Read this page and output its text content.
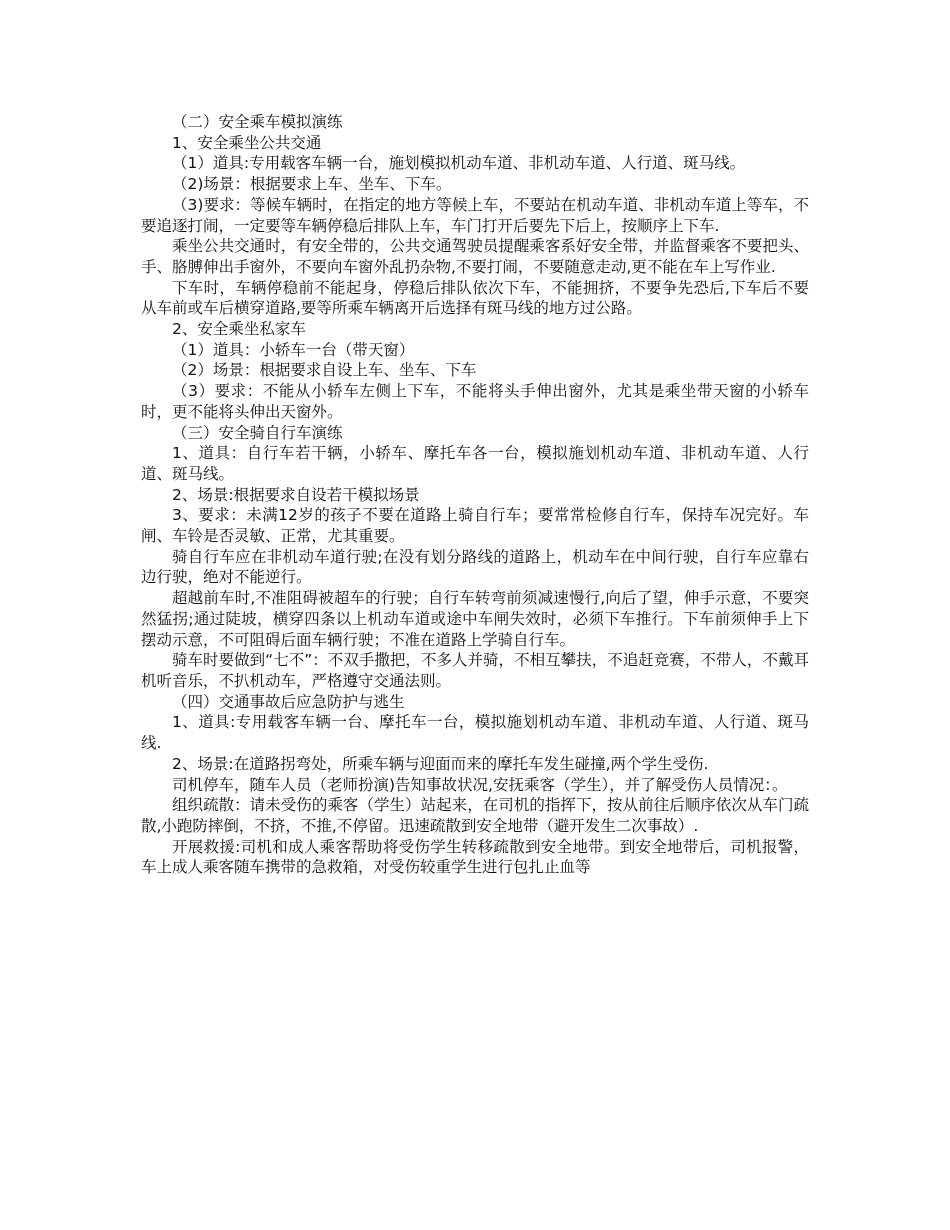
（二）安全乘车模拟演练

1、安全乘坐公共交通

（1）道具:专用载客车辆一台，施划模拟机动车道、非机动车道、人行道、斑马线。

（2)场景：根据要求上车、坐车、下车。

（3)要求：等候车辆时，在指定的地方等候上车，不要站在机动车道、非机动车道上等车，不要追逐打闹，一定要等车辆停稳后排队上车，车门打开后要先下后上，按顺序上下车.

乘坐公共交通时，有安全带的，公共交通驾驶员提醒乘客系好安全带，并监督乘客不要把头、手、胳膊伸出手窗外，不要向车窗外乱扔杂物,不要打闹，不要随意走动,更不能在车上写作业.

下车时，车辆停稳前不能起身，停稳后排队依次下车，不能拥挤，不要争先恐后,下车后不要从车前或车后横穿道路,要等所乘车辆离开后选择有斑马线的地方过公路。

2、安全乘坐私家车

（1）道具：小轿车一台（带天窗）

（2）场景：根据要求自设上车、坐车、下车

（3）要求：不能从小轿车左侧上下车，不能将头手伸出窗外，尤其是乘坐带天窗的小轿车时，更不能将头伸出天窗外。

（三）安全骑自行车演练

1、道具：自行车若干辆，小轿车、摩托车各一台，模拟施划机动车道、非机动车道、人行道、斑马线。

2、场景:根据要求自设若干模拟场景

3、要求：未满12岁的孩子不要在道路上骑自行车；要常常检修自行车，保持车况完好。车闸、车铃是否灵敏、正常，尤其重要。

骑自行车应在非机动车道行驶;在没有划分路线的道路上，机动车在中间行驶，自行车应靠右边行驶，绝对不能逆行。

超越前车时,不准阻碍被超车的行驶；自行车转弯前须减速慢行,向后了望，伸手示意，不要突然猛拐;通过陡坡，横穿四条以上机动车道或途中车闸失效时，必须下车推行。下车前须伸手上下摆动示意，不可阻碍后面车辆行驶；不准在道路上学骑自行车。

骑车时要做到“七不”：不双手撒把，不多人并骑，不相互攀扶，不追赶竞赛，不带人，不戴耳机听音乐，不扒机动车，严格遵守交通法则。

（四）交通事故后应急防护与逃生

1、道具:专用载客车辆一台、摩托车一台，模拟施划机动车道、非机动车道、人行道、斑马线.

2、场景:在道路拐弯处，所乘车辆与迎面而来的摩托车发生碰撞,两个学生受伤.

司机停车，随车人员（老师扮演)告知事故状况,安抚乘客（学生），并了解受伤人员情况：。

组织疏散：请未受伤的乘客（学生）站起来，在司机的指挥下，按从前往后顺序依次从车门疏散,小跑防摔倒，不挤，不推,不停留。迅速疏散到安全地带（避开发生二次事故）.

开展救援:司机和成人乘客帮助将受伤学生转移疏散到安全地带。到安全地带后，司机报警，车上成人乘客随车携带的急救箱，对受伤较重学生进行包扎止血等
